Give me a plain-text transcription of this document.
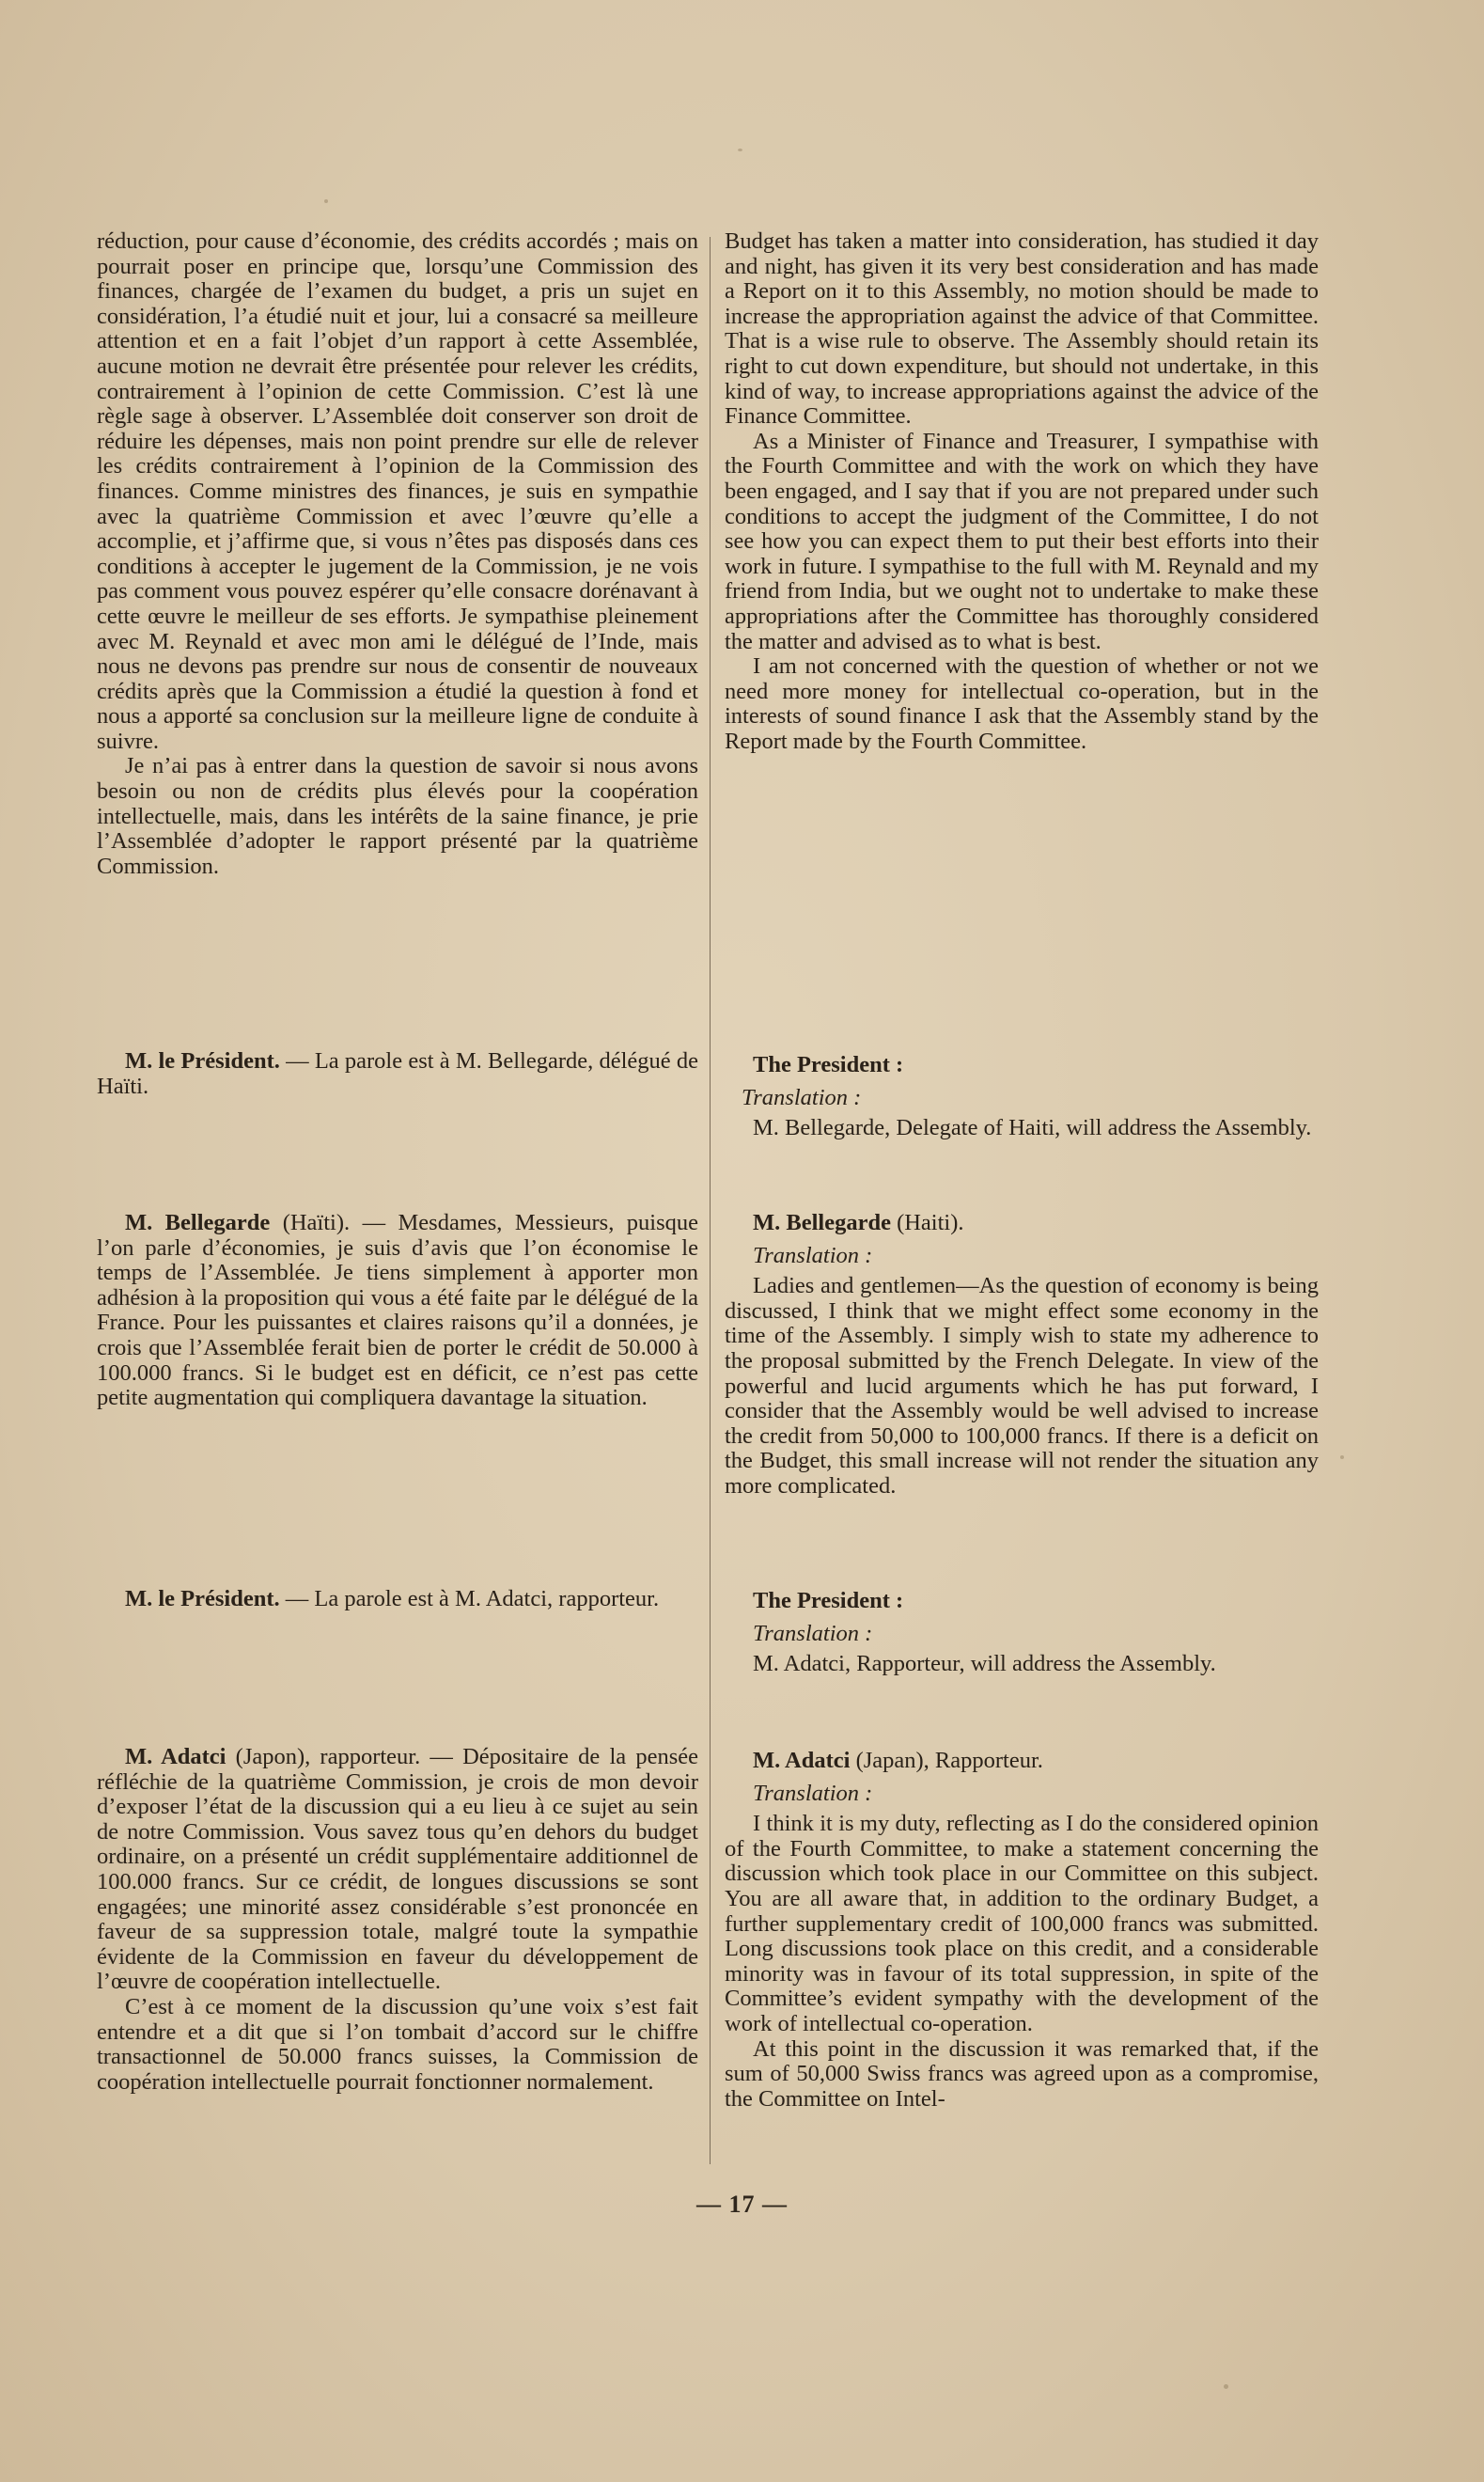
réduction, pour cause d’économie, des crédits accordés ; mais on pourrait poser en principe que, lorsqu’une Commission des finances, chargée de l’examen du budget, a pris un sujet en considération, l’a étudié nuit et jour, lui a consacré sa meilleure attention et en a fait l’objet d’un rapport à cette Assemblée, aucune motion ne devrait être présentée pour relever les crédits, contrairement à l’opinion de cette Commission. C’est là une règle sage à observer. L’Assemblée doit conserver son droit de réduire les dépenses, mais non point prendre sur elle de relever les crédits contrairement à l’opinion de la Commission des finances. Comme ministres des finances, je suis en sympathie avec la quatrième Commission et avec l’œuvre qu’elle a accomplie, et j’affirme que, si vous n’êtes pas disposés dans ces conditions à accepter le jugement de la Commission, je ne vois pas comment vous pouvez espérer qu’elle consacre dorénavant à cette œuvre le meilleur de ses efforts. Je sympathise pleinement avec M. Reynald et avec mon ami le délégué de l’Inde, mais nous ne devons pas prendre sur nous de consentir de nouveaux crédits après que la Commission a étudié la question à fond et nous a apporté sa conclusion sur la meilleure ligne de conduite à suivre.

Je n’ai pas à entrer dans la question de savoir si nous avons besoin ou non de crédits plus élevés pour la coopération intellectuelle, mais, dans les intérêts de la saine finance, je prie l’Assemblée d’adopter le rapport présenté par la quatrième Commission.

M. le Président. — La parole est à M. Bellegarde, délégué de Haïti.

M. Bellegarde (Haïti). — Mesdames, Messieurs, puisque l’on parle d’économies, je suis d’avis que l’on économise le temps de l’Assemblée. Je tiens simplement à apporter mon adhésion à la proposition qui vous a été faite par le délégué de la France. Pour les puissantes et claires raisons qu’il a données, je crois que l’Assemblée ferait bien de porter le crédit de 50.000 à 100.000 francs. Si le budget est en déficit, ce n’est pas cette petite augmentation qui compliquera davantage la situation.

M. le Président. — La parole est à M. Adatci, rapporteur.

M. Adatci (Japon), rapporteur. — Dépositaire de la pensée réfléchie de la quatrième Commission, je crois de mon devoir d’exposer l’état de la discussion qui a eu lieu à ce sujet au sein de notre Commission. Vous savez tous qu’en dehors du budget ordinaire, on a présenté un crédit supplémentaire additionnel de 100.000 francs. Sur ce crédit, de longues discussions se sont engagées; une minorité assez considérable s’est prononcée en faveur de sa suppression totale, malgré toute la sympathie évidente de la Commission en faveur du développement de l’œuvre de coopération intellectuelle.

C’est à ce moment de la discussion qu’une voix s’est fait entendre et a dit que si l’on tombait d’accord sur le chiffre transactionnel de 50.000 francs suisses, la Commission de coopération intellectuelle pourrait fonctionner normalement.

Budget has taken a matter into consideration, has studied it day and night, has given it its very best consideration and has made a Report on it to this Assembly, no motion should be made to increase the appropriation against the advice of that Committee. That is a wise rule to observe. The Assembly should retain its right to cut down expenditure, but should not undertake, in this kind of way, to increase appropriations against the advice of the Finance Committee.

As a Minister of Finance and Treasurer, I sympathise with the Fourth Committee and with the work on which they have been engaged, and I say that if you are not prepared under such conditions to accept the judgment of the Committee, I do not see how you can expect them to put their best efforts into their work in future. I sympathise to the full with M. Reynald and my friend from India, but we ought not to undertake to make these appropriations after the Committee has thoroughly considered the matter and advised as to what is best.

I am not concerned with the question of whether or not we need more money for intellectual co-operation, but in the interests of sound finance I ask that the Assembly stand by the Report made by the Fourth Committee.

The President :

Translation :

M. Bellegarde, Delegate of Haiti, will address the Assembly.

M. Bellegarde (Haiti).

Translation :

Ladies and gentlemen—As the question of economy is being discussed, I think that we might effect some economy in the time of the Assembly. I simply wish to state my adherence to the proposal submitted by the French Delegate. In view of the powerful and lucid arguments which he has put forward, I consider that the Assembly would be well advised to increase the credit from 50,000 to 100,000 francs. If there is a deficit on the Budget, this small increase will not render the situation any more complicated.

The President :

Translation :

M. Adatci, Rapporteur, will address the Assembly.

M. Adatci (Japan), Rapporteur.

Translation :

I think it is my duty, reflecting as I do the considered opinion of the Fourth Committee, to make a statement concerning the discussion which took place in our Committee on this subject. You are all aware that, in addition to the ordinary Budget, a further supplementary credit of 100,000 francs was submitted. Long discussions took place on this credit, and a considerable minority was in favour of its total suppression, in spite of the Committee’s evident sympathy with the development of the work of intellectual co-operation.

At this point in the discussion it was remarked that, if the sum of 50,000 Swiss francs was agreed upon as a compromise, the Committee on Intel-

— 17 —
